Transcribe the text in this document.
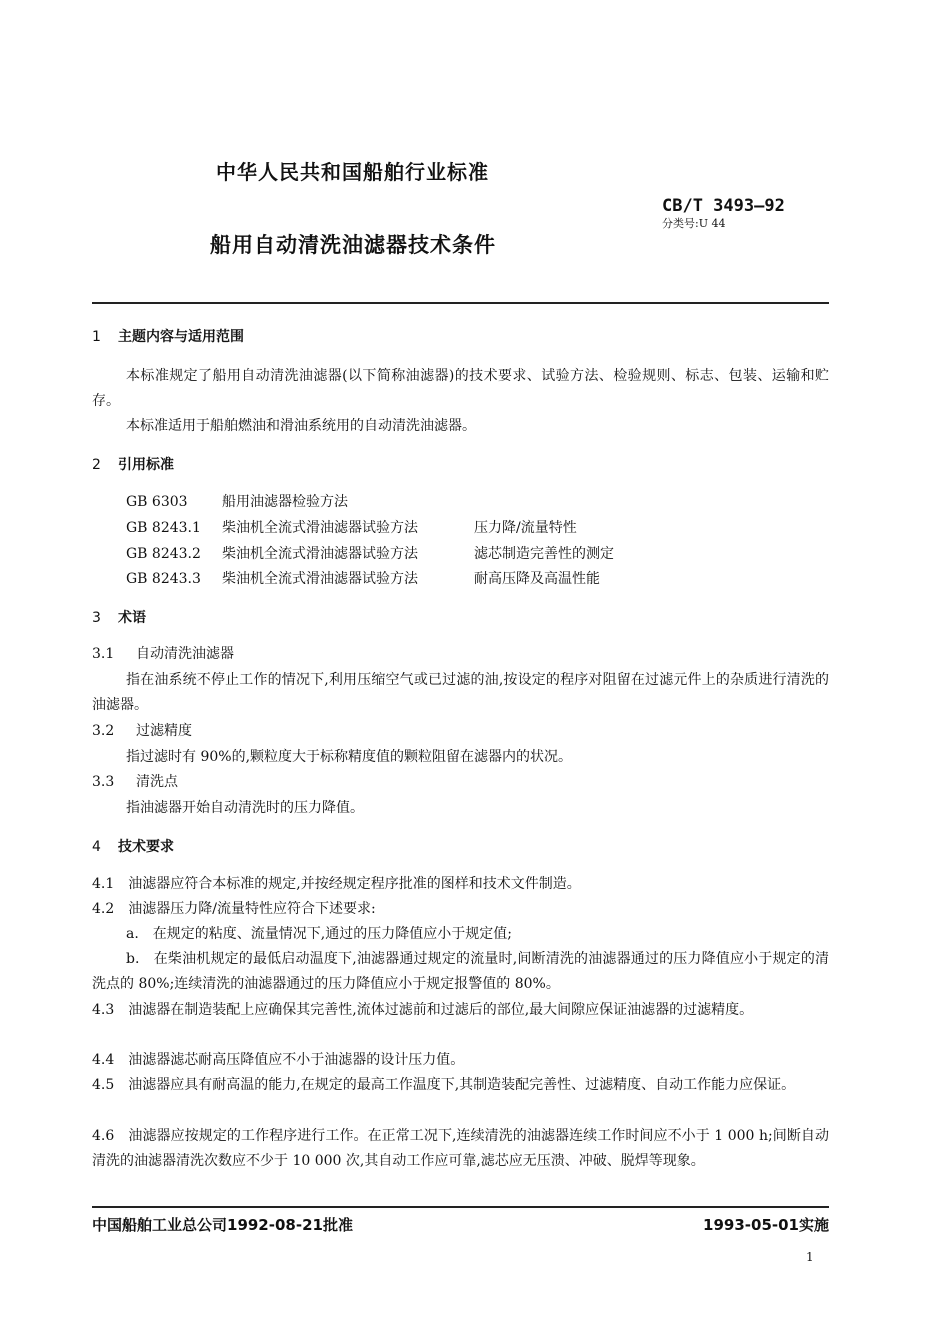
中华人民共和国船舶行业标准
CB/T 3493—92
分类号:U 44
船用自动清洗油滤器技术条件
1 主题内容与适用范围
本标准规定了船用自动清洗油滤器(以下简称油滤器)的技术要求、试验方法、检验规则、标志、包装、运输和贮存。
本标准适用于船舶燃油和滑油系统用的自动清洗油滤器。
2 引用标准
GB 6303 船用油滤器检验方法
GB 8243.1 柴油机全流式滑油滤器试验方法	压力降/流量特性
GB 8243.2 柴油机全流式滑油滤器试验方法	滤芯制造完善性的测定
GB 8243.3 柴油机全流式滑油滤器试验方法	耐高压降及高温性能
3 术语
3.1 自动清洗油滤器
指在油系统不停止工作的情况下,利用压缩空气或已过滤的油,按设定的程序对阻留在过滤元件上的杂质进行清洗的油滤器。
3.2 过滤精度
指过滤时有 90%的,颗粒度大于标称精度值的颗粒阻留在滤器内的状况。
3.3 清洗点
指油滤器开始自动清洗时的压力降值。
4 技术要求
4.1　油滤器应符合本标准的规定,并按经规定程序批准的图样和技术文件制造。
4.2　油滤器压力降/流量特性应符合下述要求:
a.　在规定的粘度、流量情况下,通过的压力降值应小于规定值;
b.　在柴油机规定的最低启动温度下,油滤器通过规定的流量时,间断清洗的油滤器通过的压力降值应小于规定的清洗点的 80%;连续清洗的油滤器通过的压力降值应小于规定报警值的 80%。
4.3　油滤器在制造装配上应确保其完善性,流体过滤前和过滤后的部位,最大间隙应保证油滤器的过滤精度。
4.4　油滤器滤芯耐高压降值应不小于油滤器的设计压力值。
4.5　油滤器应具有耐高温的能力,在规定的最高工作温度下,其制造装配完善性、过滤精度、自动工作能力应保证。
4.6　油滤器应按规定的工作程序进行工作。在正常工况下,连续清洗的油滤器连续工作时间应不小于 1 000 h;间断自动清洗的油滤器清洗次数应不少于 10 000 次,其自动工作应可靠,滤芯应无压溃、冲破、脱焊等现象。
中国船舶工业总公司1992-08-21批准	1993-05-01实施
1
